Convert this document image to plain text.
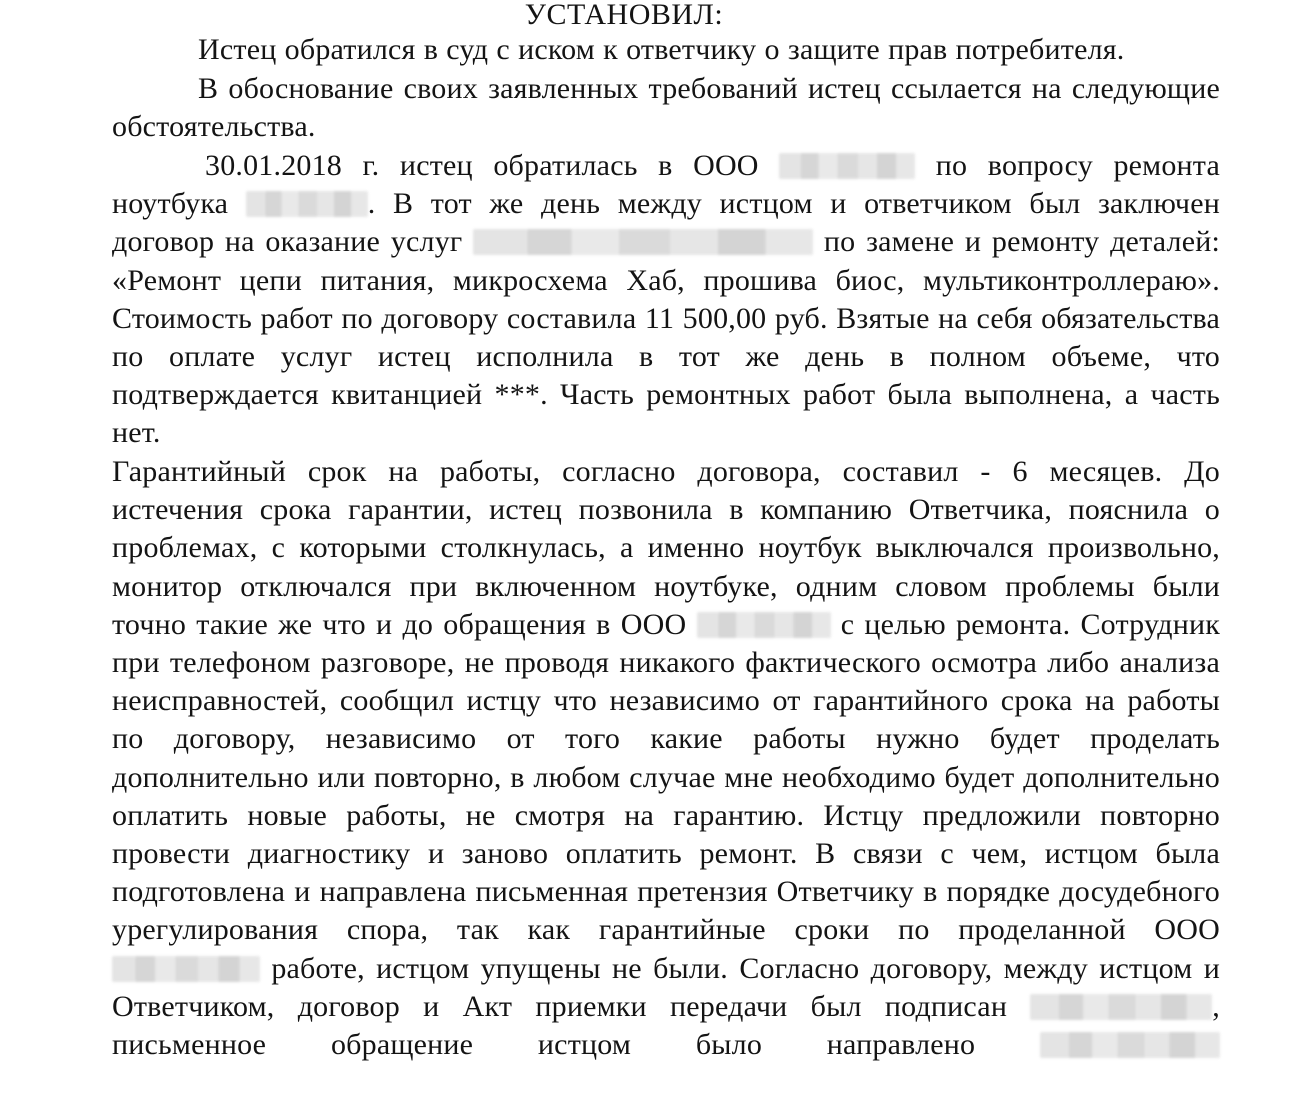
УСТАНОВИЛ:
Истец обратился в суд с иском к ответчику о защите прав потребителя.
В обоснование своих заявленных требований истец ссылается на следующие обстоятельства.
30.01.2018 г. истец обратилась в ООО	по вопросу ремонта ноутбука	. В тот же день между истцом и ответчиком был заключен договор на оказание услуг	по замене и ремонту деталей: «Ремонт цепи питания, микросхема Хаб, прошива биос, мультиконтроллераю». Стоимость работ по договору составила 11 500,00 руб. Взятые на себя обязательства по оплате услуг истец исполнила в тот же день в полном объеме, что подтверждается квитанцией ***. Часть ремонтных работ была выполнена, а часть нет.
Гарантийный срок на работы, согласно договора, составил - 6 месяцев. До истечения срока гарантии, истец позвонила в компанию Ответчика, пояснила о проблемах, с которыми столкнулась, а именно ноутбук выключался произвольно, монитор отключался при включенном ноутбуке, одним словом проблемы были точно такие же что и до обращения в ООО	с целью ремонта. Сотрудник при телефоном разговоре, не проводя никакого фактического осмотра либо анализа неисправностей, сообщил истцу что независимо от гарантийного срока на работы по договору, независимо от того какие работы нужно будет проделать дополнительно или повторно, в любом случае мне необходимо будет дополнительно оплатить новые работы, не смотря на гарантию. Истцу предложили повторно провести диагностику и заново оплатить ремонт. В связи с чем, истцом была подготовлена и направлена письменная претензия Ответчику в порядке досудебного урегулирования спора, так как гарантийные сроки по проделанной ООО
работе, истцом упущены не были. Согласно договору, между истцом и Ответчиком, договор и Акт приемки передачи был подписан	, письменное обращение истцом было направлено
